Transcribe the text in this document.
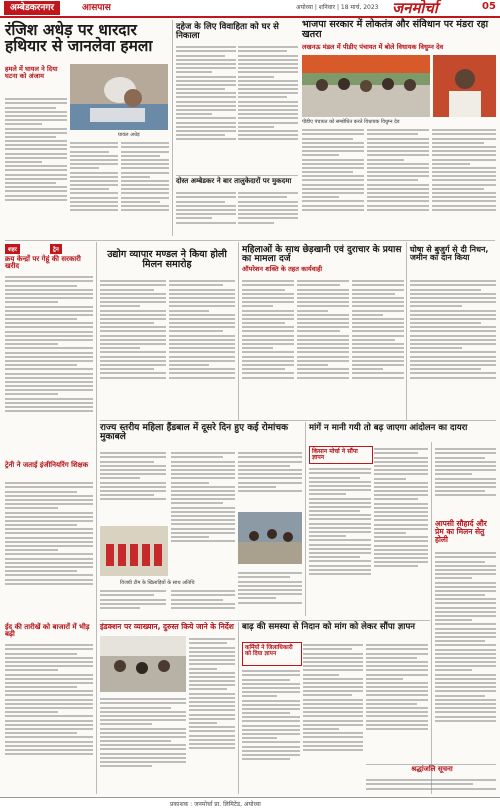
अम्बेडकरनगर	आसपास	अयोध्या | शनिवार | 18 मार्च, 2023 जनमोर्चा	05
रंजिश अधेड़ पर धारदार हथियार से जानलेवा हमला
हमले में घायल ने दिया घटना को अंजाम
घायल अधेड़
दहेज के लिए विवाहिता को घर से निकाला
दोस्त अम्बेडकर ने बार तालुकेदारों पर मुकदमा
भाजपा सरकार में लोकतंत्र और संविधान पर मंडरा रहा खतरा
लखनऊ मंडल में पीडीए पंचायत में बोले विधायक विधुम्न देव
पीडीए पंचायत को सम्बोधित करते विधायक विधुम्न देव
शहर	ट्रेन
क्रय केन्द्रों पर गेहूं की सरकारी खरीद
ट्रेनी ने जताई इंजीनियरिंग शिक्षक
ईद की तारीखें को बाजारों में भीड़ बढ़ी
उद्योग व्यापार मण्डल ने किया होली मिलन समारोह
महिलाओं के साथ छेड़खानी एवं दुराचार के प्रयास का मामला दर्ज
ऑपरेशन शक्ति के तहत कार्यवाही
घोषा से बुजुर्ग से दी निधन, जमीन का दान किया
राज्य स्तरीय महिला हैंडबाल में दूसरे दिन हुए कई रोमांचक मुकाबले
विजयी टीम के खिलाड़ियों के साथ अतिथि
मांगें न मानी गयी तो बढ़ जाएगा आंदोलन का दायरा
किसान मोर्चा ने सौंपा ज्ञापन
आपसी सौहार्द और प्रेम का मिलन सेतु होली
इंडक्शन पर व्याख्यान, दुरुस्त किये जाने के निर्देश बाढ़ की समस्या से निदान को मांग को लेकर सौंपा ज्ञापन
कर्मियों ने जिलाधिकारी को दिया ज्ञापन
श्रद्धांजलि सूचना
प्रकाशक : जनमोर्चा प्रा. लिमिटेड, अयोध्या
